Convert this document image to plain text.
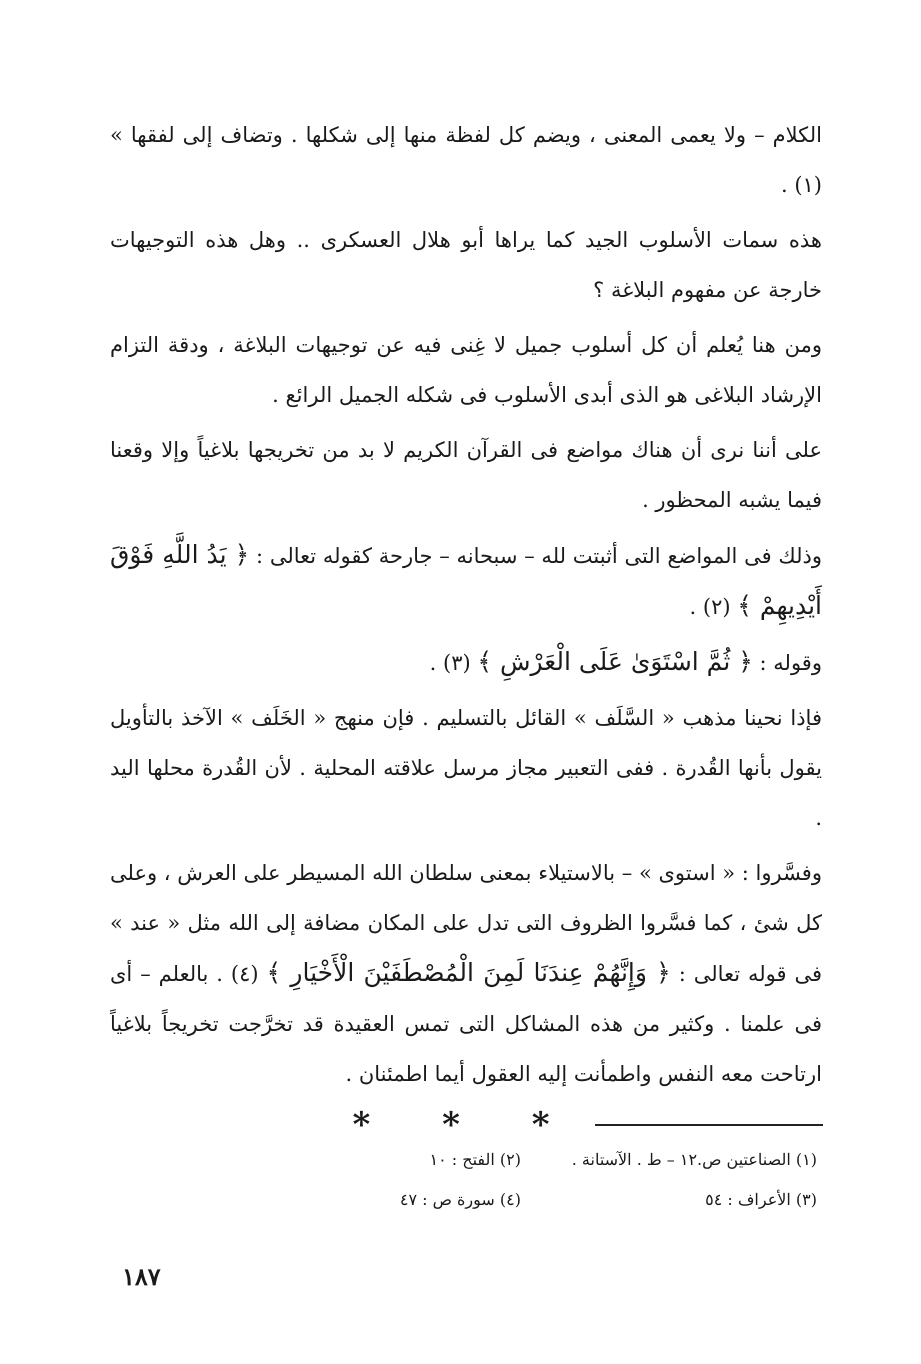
الكلام – ولا يعمى المعنى ، ويضم كل لفظة منها إلى شكلها . وتضاف إلى لفقها » (١) .

هذه سمات الأسلوب الجيد كما يراها أبو هلال العسكرى .. وهل هذه التوجيهات خارجة عن مفهوم البلاغة ؟

ومن هنا يُعلم أن كل أسلوب جميل لا غِنى فيه عن توجيهات البلاغة ، ودقة التزام الإرشاد البلاغى هو الذى أبدى الأسلوب فى شكله الجميل الرائع .

على أننا نرى أن هناك مواضع فى القرآن الكريم لا بد من تخريجها بلاغياً وإلا وقعنا فيما يشبه المحظور .

وذلك فى المواضع التى أثبتت لله – سبحانه – جارحة كقوله تعالى : ﴿ يَدُ اللَّهِ فَوْقَ أَيْدِيهِمْ ﴾ (٢) .

وقوله : ﴿ ثُمَّ اسْتَوَىٰ عَلَى الْعَرْشِ ﴾ (٣) .

فإذا نحينا مذهب « السَّلَف » القائل بالتسليم . فإن منهج « الخَلَف » الآخذ بالتأويل يقول بأنها القُدرة . ففى التعبير مجاز مرسل علاقته المحلية . لأن القُدرة محلها اليد .

وفسَّروا : « استوى » – بالاستيلاء بمعنى سلطان الله المسيطر على العرش ، وعلى كل شئ ، كما فسَّروا الظروف التى تدل على المكان مضافة إلى الله مثل « عند » فى قوله تعالى : ﴿ وَإِنَّهُمْ عِندَنَا لَمِنَ الْمُصْطَفَيْنَ الْأَخْيَارِ ﴾ (٤) . بالعلم – أى فى علمنا . وكثير من هذه المشاكل التى تمس العقيدة قد تخرَّجت تخريجاً بلاغياً ارتاحت معه النفس واطمأنت إليه العقول أيما اطمئنان .

* * *
(١) الصناعتين ص.١٢ – ط . الآستانة .
(٢) الفتح : ١٠
(٣) الأعراف : ٥٤
(٤) سورة ص : ٤٧
١٨٧
